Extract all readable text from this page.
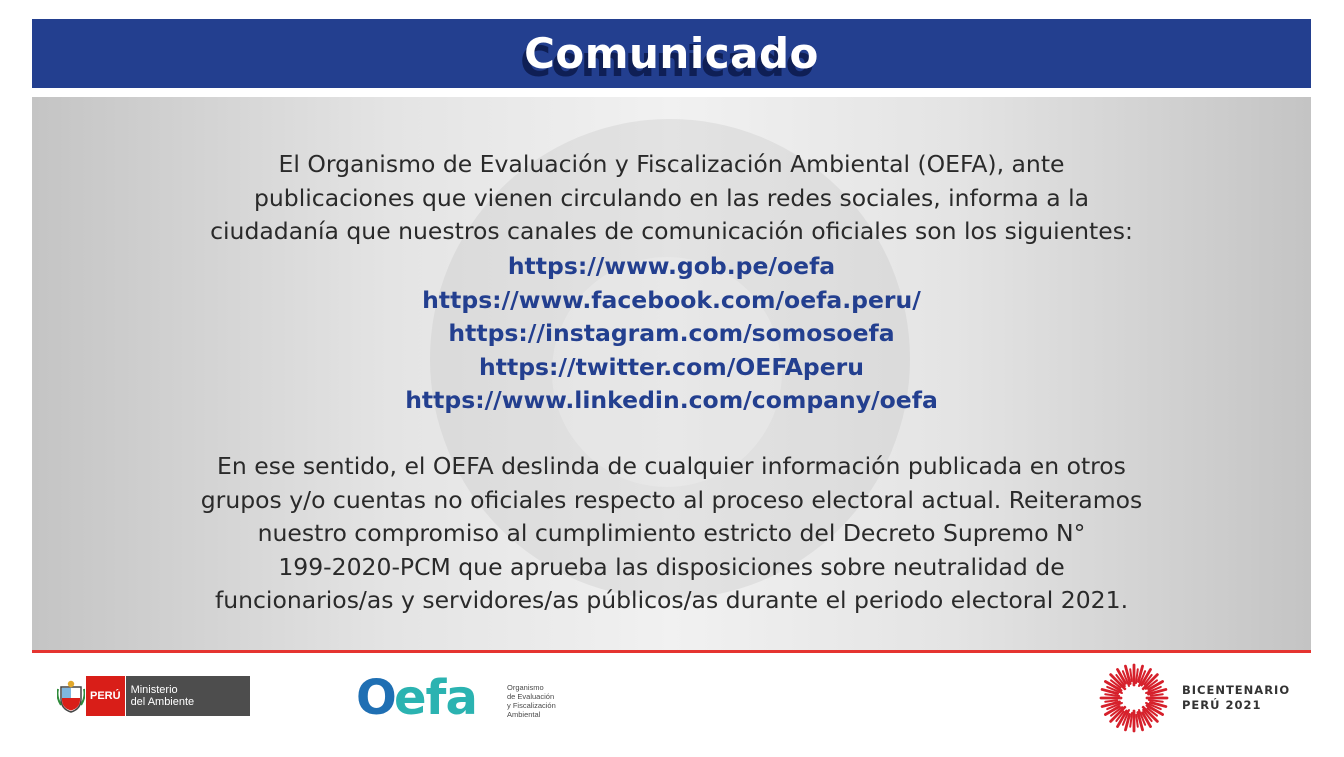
Comunicado
El Organismo de Evaluación y Fiscalización Ambiental (OEFA), ante
publicaciones que vienen circulando en las redes sociales, informa a la
ciudadanía que nuestros canales de comunicación oficiales son los siguientes:
https://www.gob.pe/oefa
https://www.facebook.com/oefa.peru/
https://instagram.com/somosoefa
https://twitter.com/OEFAperu
https://www.linkedin.com/company/oefa
En ese sentido, el OEFA deslinda de cualquier información publicada en otros
grupos y/o cuentas no oficiales respecto al proceso electoral actual. Reiteramos
nuestro compromiso al cumplimiento estricto del Decreto Supremo N°
199-2020-PCM que aprueba las disposiciones sobre neutralidad de
funcionarios/as y servidores/as públicos/as durante el periodo electoral 2021.
PERÚ Ministerio
del Ambiente	O
efa	Organismo
de Evaluación
y Fiscalización
Ambiental
BICENTENARIO
PERÚ 2021
